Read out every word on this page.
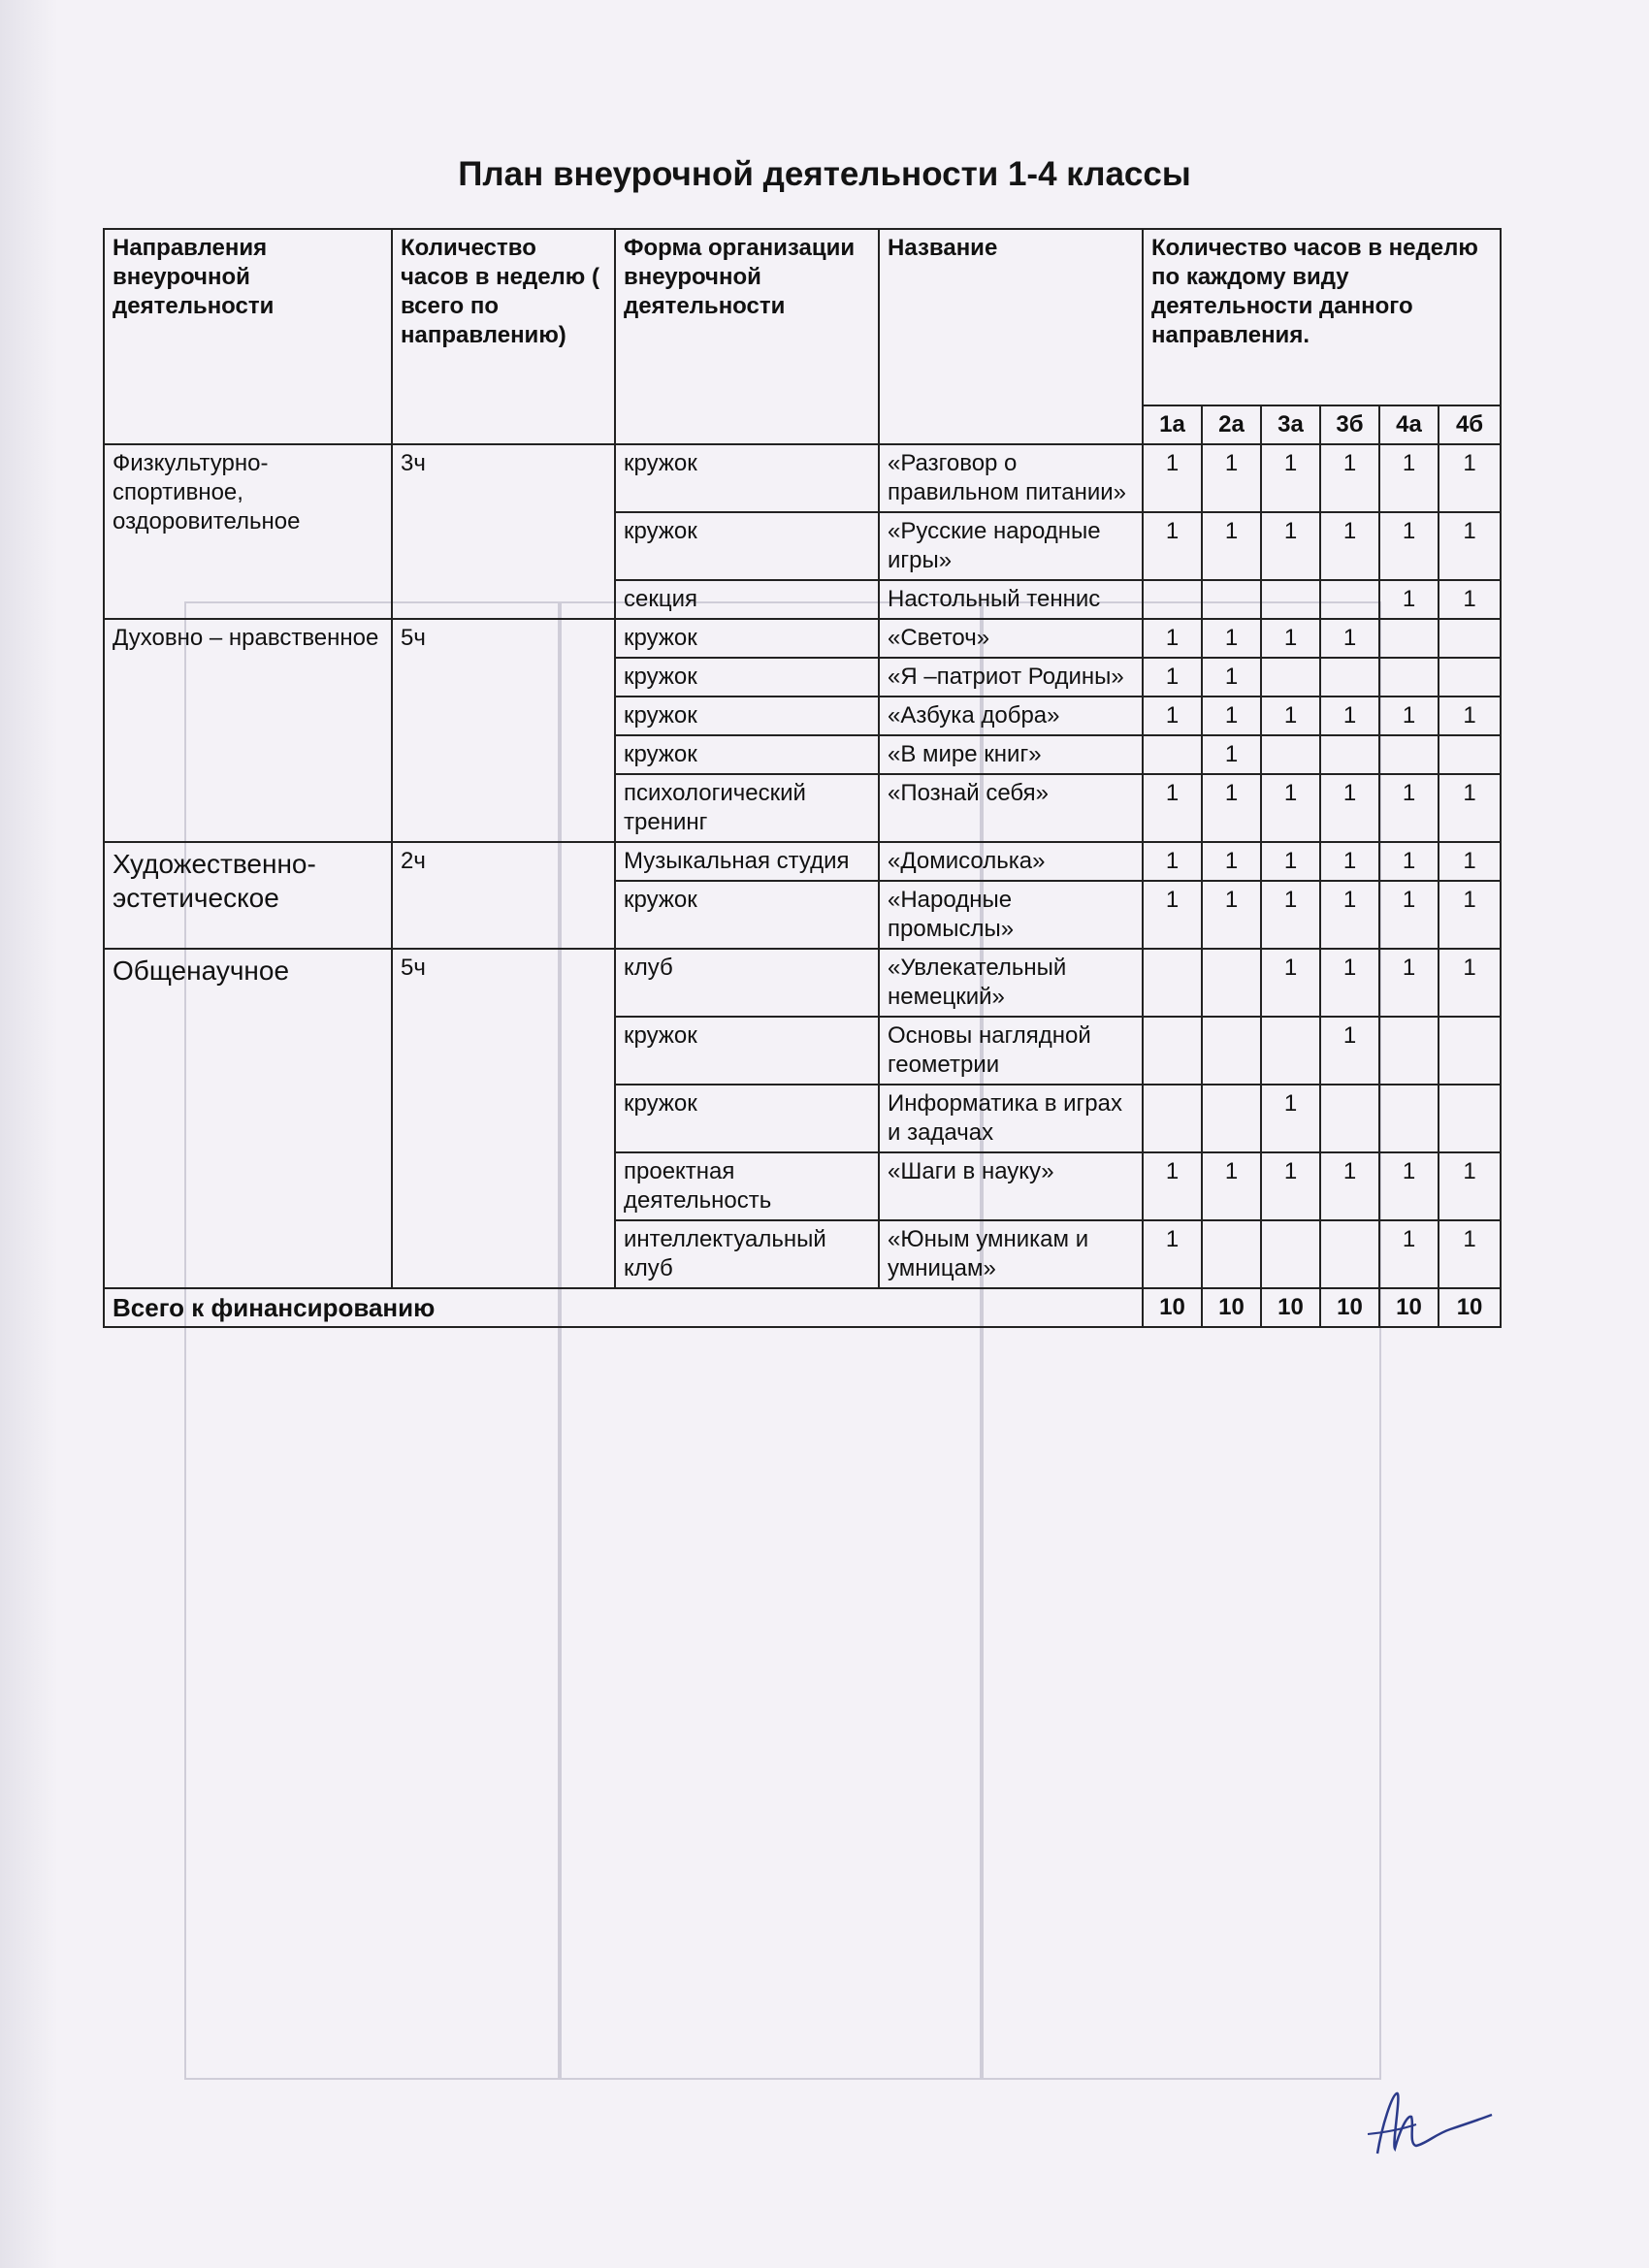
План внеурочной деятельности 1-4 классы
Направления внеурочной деятельности	Количество часов в неделю ( всего по направлению)	Форма организации внеурочной деятельности	Название	Количество часов в неделю по каждому виду деятельности данного направления.					
				1а	2а	3а	3б	4а	4б
Физкультурно-спортивное, оздоровительное	3ч	кружок	«Разговор о правильном питании»	1	1	1	1	1	1
		кружок	«Русские народные игры»	1	1	1	1	1	1
		секция	Настольный теннис					1	1
Духовно – нравственное	5ч	кружок	«Светоч»	1	1	1	1		
		кружок	«Я –патриот Родины»	1	1				
		кружок	«Азбука добра»	1	1	1	1	1	1
		кружок	«В мире книг»		1				
		психологический тренинг	«Познай себя»	1	1	1	1	1	1
Художественно-эстетическое	2ч	Музыкальная студия	«Домисолька»	1	1	1	1	1	1
		кружок	«Народные промыслы»	1	1	1	1	1	1
Общенаучное	5ч	клуб	«Увлекательный немецкий»			1	1	1	1
		кружок	Основы наглядной геометрии				1		
		кружок	Информатика в играх и задачах			1			
		проектная деятельность	«Шаги в науку»	1	1	1	1	1	1
		интеллектуальный клуб	«Юным умникам и умницам»	1				1	1
Всего к финансированию				10	10	10	10	10	10
